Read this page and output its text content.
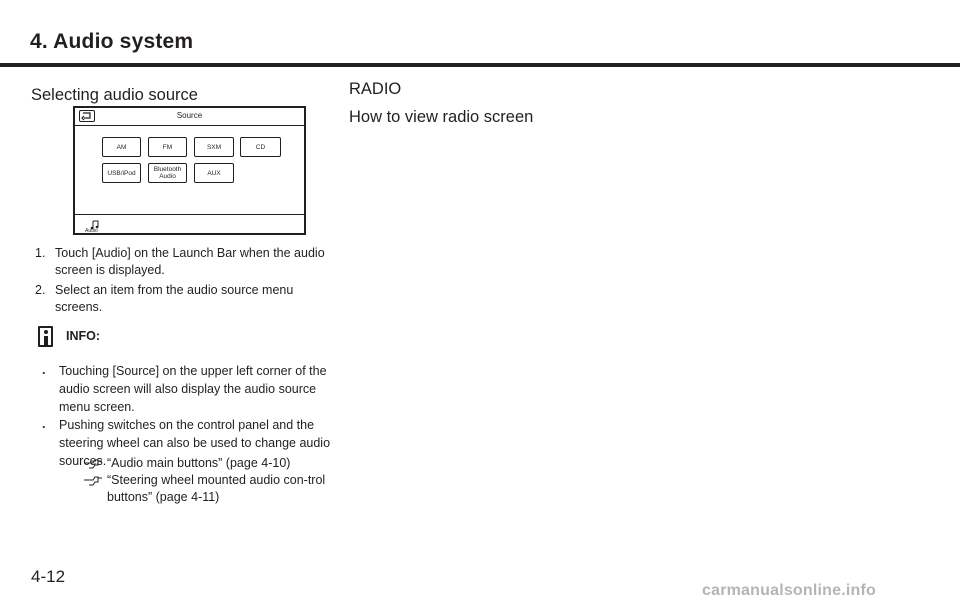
4. Audio system
Selecting audio source
Source
AM	FM	SXM	CD
USB/iPod	Bluetooth Audio	AUX
Audio
1. Touch [Audio] on the Launch Bar when the audio screen is displayed.
2. Select an item from the audio source menu screens.
INFO:
. Touching [Source] on the upper left corner of the audio screen will also display the audio source menu screen.
. Pushing switches on the control panel and the steering wheel can also be used to change audio sources. “Audio main buttons” (page 4-10)
“Steering wheel mounted audio con-trol buttons” (page 4-11)
RADIO
How to view radio screen
4-12
carmanualsonline.info
